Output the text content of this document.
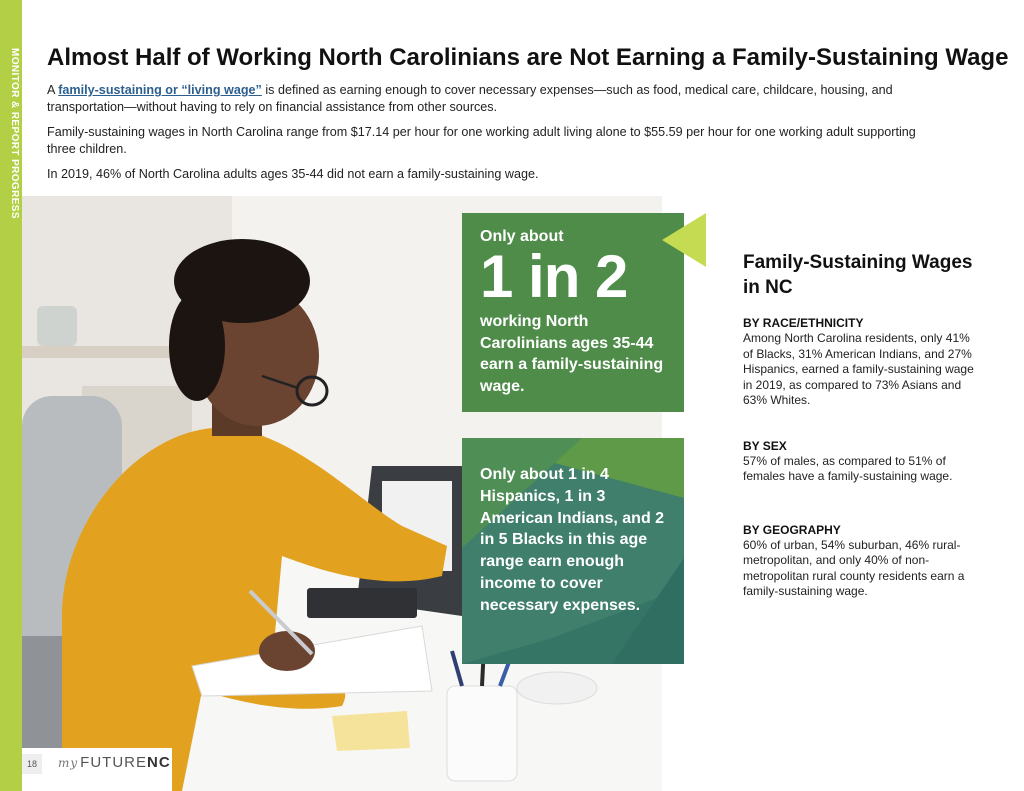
MONITOR & REPORT PROGRESS Almost Half of Working North Carolinians are Not Earning a Family-Sustaining Wage

A family-sustaining or “living wage” is defined as earning enough to cover necessary expenses—such as food, medical care, childcare, housing, and transportation—without having to rely on financial assistance from other sources.

Family-sustaining wages in North Carolina range from $17.14 per hour for one working adult living alone to $55.59 per hour for one working adult supporting three children.

In 2019, 46% of North Carolina adults ages 35-44 did not earn a family-sustaining wage.

Only about
1 in 2
working North Carolinians ages 35-44 earn a family-sustaining wage.
Only about 1 in 4 Hispanics, 1 in 3 American Indians, and 2 in 5 Blacks in this age range earn enough income to cover necessary expenses.
Family-Sustaining Wages in NC
BY RACE/ETHNICITY

Among North Carolina residents, only 41% of Blacks, 31% American Indians, and 27% Hispanics, earned a family-sustaining wage in 2019, as compared to 73% Asians and 63% Whites.

BY SEX

57% of males, as compared to 51% of females have a family-sustaining wage.

BY GEOGRAPHY

60% of urban, 54% suburban, 46% rural-metropolitan, and only 40% of non-metropolitan rural county residents earn a family-sustaining wage.

18	my FUTURENC
